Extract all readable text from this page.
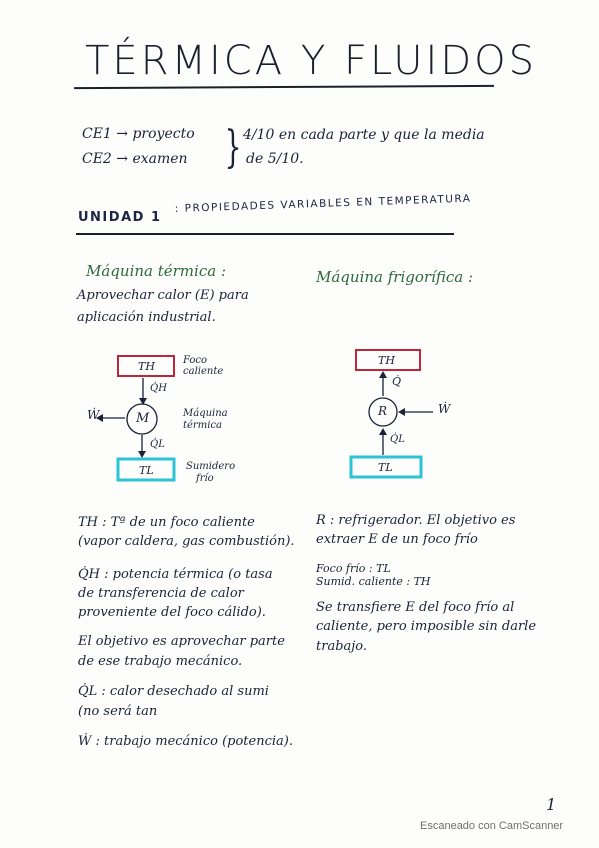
TÉRMICA Y FLUIDOS
CE1 → proyecto
CE2 → examen } 4/10 en cada parte y que la media
de 5/10.
UNIDAD 1
: PROPIEDADES VARIABLES EN TEMPERATURA
Máquina térmica :	Máquina frigorífica :
Aprovechar calor (E) para
aplicación industrial.
TH
Q̇H
M
Ẇ
Q̇L
TL
Foco
caliente
Máquina
térmica
Sumidero
frío
TH
Q̇
R	Ẇ
Q̇L
TL
TH : Tª de un foco caliente
(vapor caldera, gas combustión).
Q̇H : potencia térmica (o tasa
de transferencia de calor
proveniente del foco cálido).
El objetivo es aprovechar parte
de ese trabajo mecánico.
Q̇L : calor desechado al sumi
(no será tan
Ẇ : trabajo mecánico (potencia).
R : refrigerador. El objetivo es
extraer E de un foco frío
Foco frío : TL
Sumid. caliente : TH
Se transfiere E del foco frío al
caliente, pero imposible sin darle
trabajo.
1
Escaneado con CamScanner
